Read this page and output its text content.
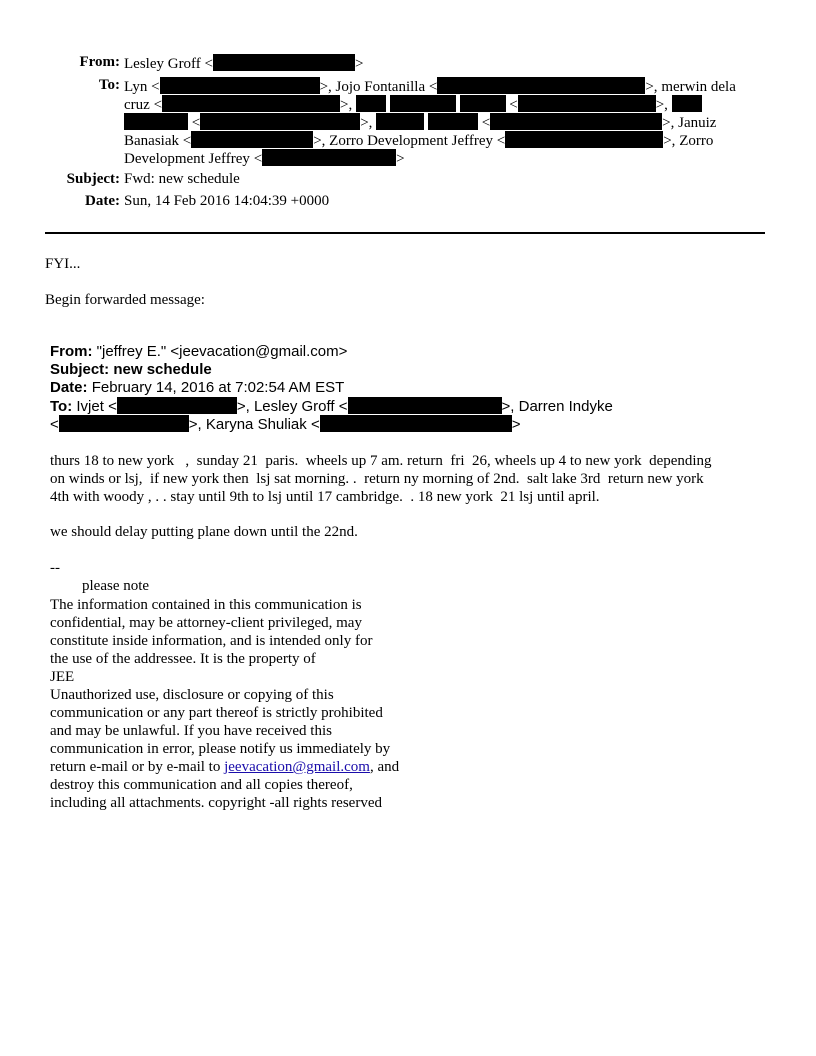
From: Lesley Groff <	>
To: Lyn <	>, Jojo Fontanilla <	>, merwin dela
cruz <	>,	<	>,
<	>,	<	>, Januiz
Banasiak <	>, Zorro Development Jeffrey <	>, Zorro
Development Jeffrey <	>
Subject: Fwd: new schedule
Date: Sun, 14 Feb 2016 14:04:39 +0000
FYI...
Begin forwarded message:
From: "jeffrey E." <jeevacation@gmail.com>
Subject: new schedule
Date: February 14, 2016 at 7:02:54 AM EST
To: Ivjet <	>, Lesley Groff <	>, Darren Indyke
<	>, Karyna Shuliak <	>
thurs 18 to new york   ,  sunday 21  paris.  wheels up 7 am. return  fri  26, wheels up 4 to new york  depending
on winds or lsj,  if new york then  lsj sat morning. .  return ny morning of 2nd.  salt lake 3rd  return new york
4th with woody , . . stay until 9th to lsj until 17 cambridge.  . 18 new york  21 lsj until april.
we should delay putting plane down until the 22nd.
--
please note
The information contained in this communication is
confidential, may be attorney-client privileged, may
constitute inside information, and is intended only for
the use of the addressee. It is the property of
JEE
Unauthorized use, disclosure or copying of this
communication or any part thereof is strictly prohibited
and may be unlawful. If you have received this
communication in error, please notify us immediately by
return e-mail or by e-mail to jeevacation@gmail.com, and
destroy this communication and all copies thereof,
including all attachments. copyright -all rights reserved
